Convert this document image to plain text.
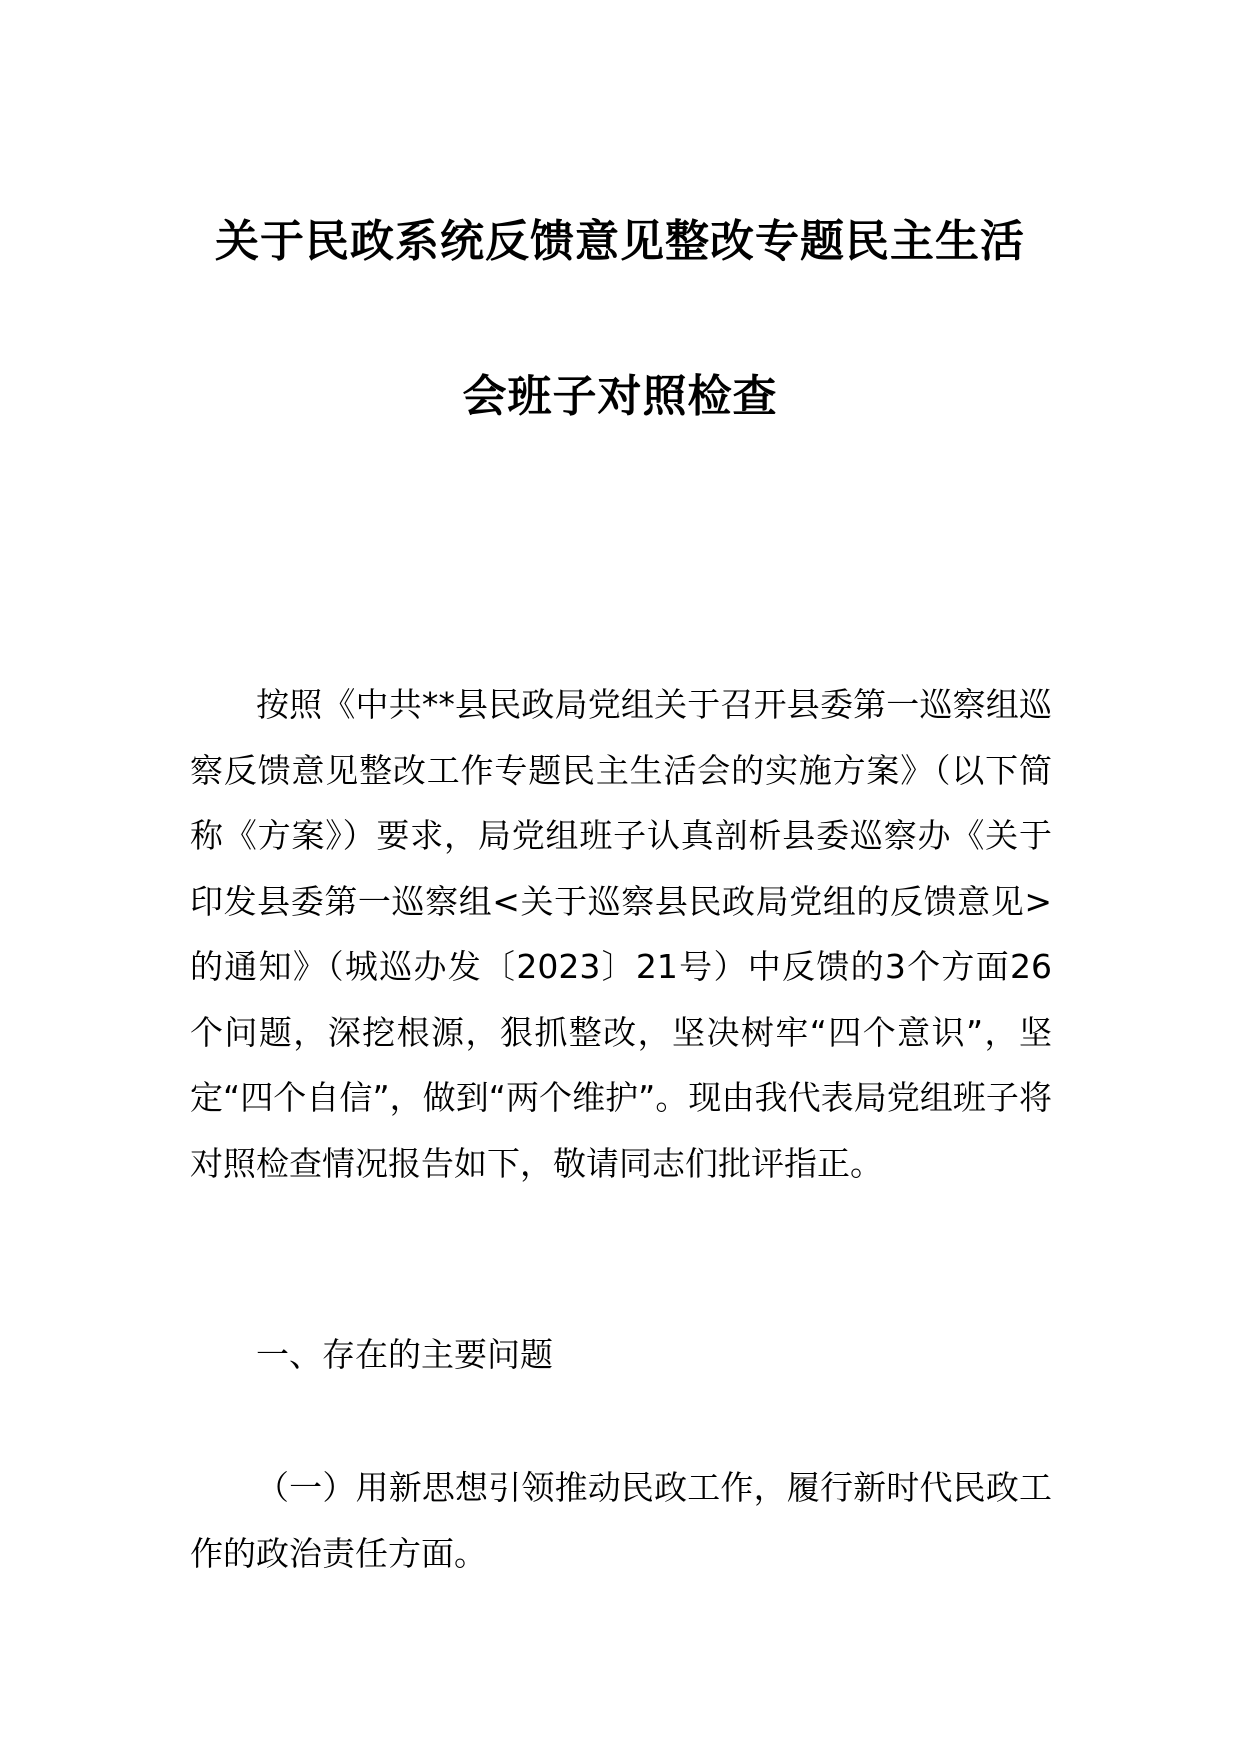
关于民政系统反馈意见整改专题民主生活
会班子对照检查
按照《中共**县民政局党组关于召开县委第一巡察组巡察反馈意见整改工作专题民主生活会的实施方案》（以下简称《方案》）要求，局党组班子认真剖析县委巡察办《关于印发县委第一巡察组<关于巡察县民政局党组的反馈意见>的通知》（城巡办发〔2023〕21号）中反馈的3个方面26个问题，深挖根源，狠抓整改，坚决树牢“四个意识”，坚定“四个自信”，做到“两个维护”。现由我代表局党组班子将对照检查情况报告如下，敬请同志们批评指正。
一、存在的主要问题
（一）用新思想引领推动民政工作，履行新时代民政工作的政治责任方面。
